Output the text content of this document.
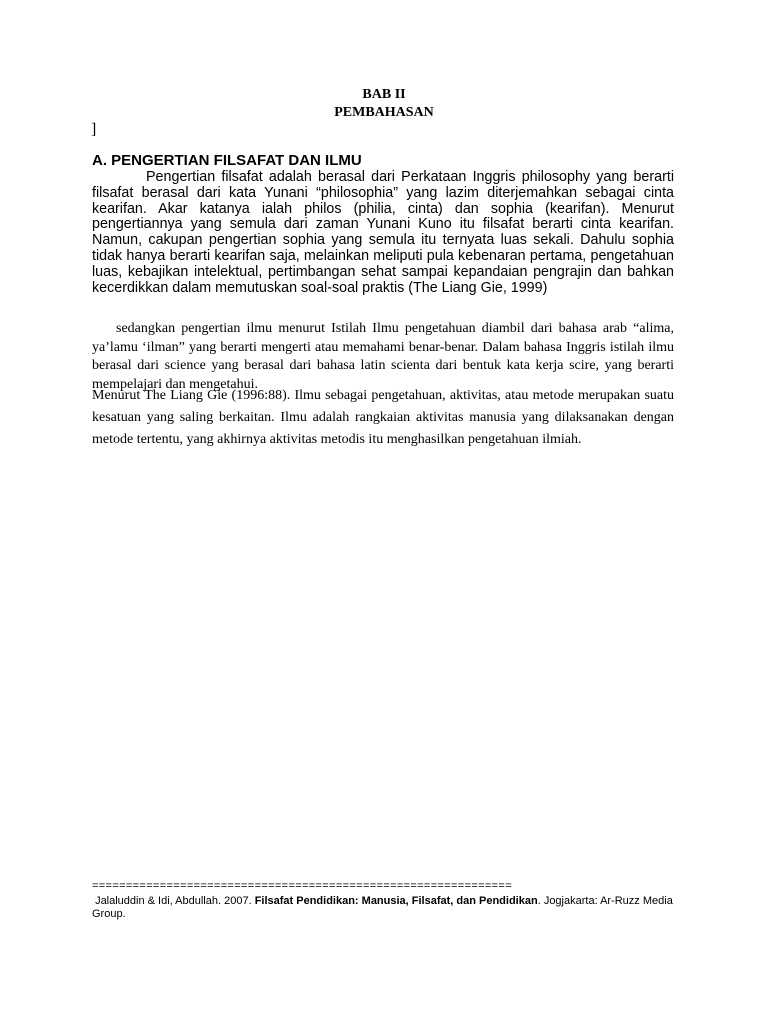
BAB II
PEMBAHASAN
]
A. PENGERTIAN FILSAFAT DAN ILMU

Pengertian filsafat adalah berasal dari Perkataan Inggris philosophy yang berarti filsafat berasal dari kata Yunani “philosophia” yang lazim diterjemahkan sebagai cinta kearifan. Akar katanya ialah philos (philia, cinta) dan sophia (kearifan). Menurut pengertiannya yang semula dari zaman Yunani Kuno itu filsafat berarti cinta kearifan. Namun, cakupan pengertian sophia yang semula itu ternyata luas sekali. Dahulu sophia tidak hanya berarti kearifan saja, melainkan meliputi pula kebenaran pertama, pengetahuan luas, kebajikan intelektual, pertimbangan sehat sampai kepandaian pengrajin dan bahkan kecerdikkan dalam memutuskan soal-soal praktis (The Liang Gie, 1999)

sedangkan pengertian ilmu menurut Istilah Ilmu pengetahuan diambil dari bahasa arab “alima, ya’lamu ‘ilman” yang berarti mengerti atau memahami benar-benar. Dalam bahasa Inggris istilah ilmu berasal dari science yang berasal dari bahasa latin scienta dari bentuk kata kerja scire, yang berarti mempelajari dan mengetahui.

Menurut The Liang Gie (1996:88). Ilmu sebagai pengetahuan, aktivitas, atau metode merupakan suatu kesatuan yang saling berkaitan. Ilmu adalah rangkaian aktivitas manusia yang dilaksanakan dengan metode tertentu, yang akhirnya aktivitas metodis itu menghasilkan pengetahuan ilmiah.

==============================================================

Jalaluddin & Idi, Abdullah. 2007. Filsafat Pendidikan: Manusia, Filsafat, dan Pendidikan. Jogjakarta: Ar-Ruzz Media Group.
